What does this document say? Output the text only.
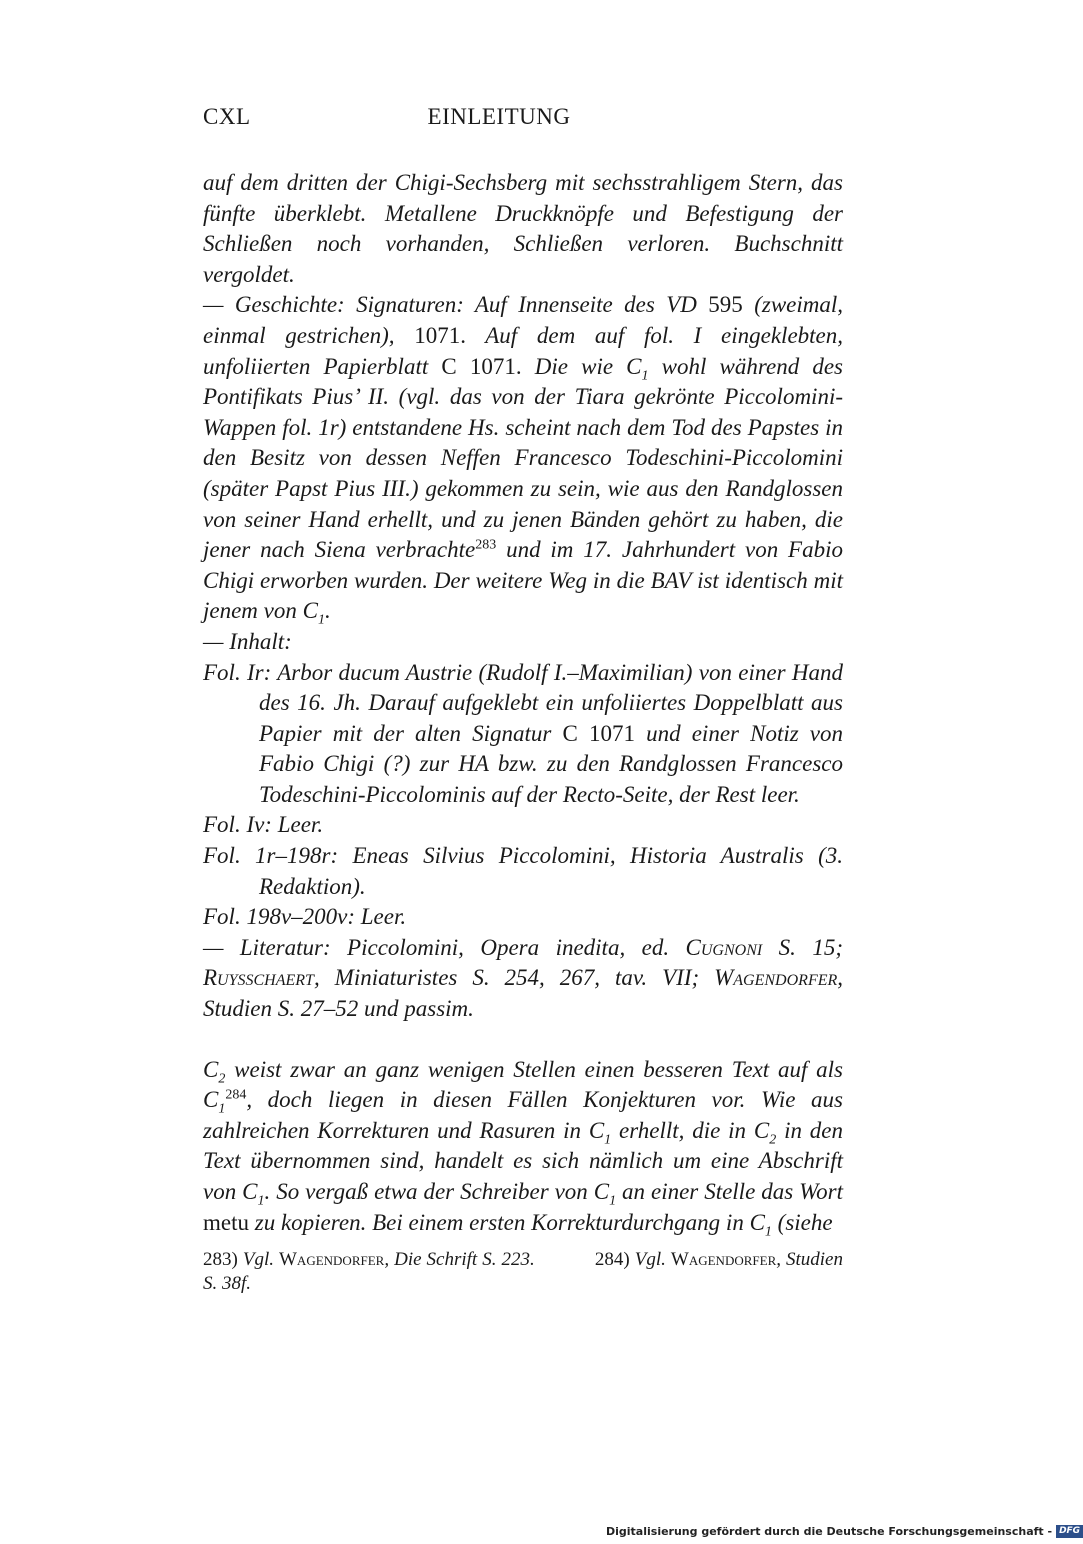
CXL	EINLEITUNG

auf dem dritten der Chigi-Sechsberg mit sechsstrahligem Stern, das fünfte überklebt. Metallene Druckknöpfe und Befestigung der Schließen noch vorhanden, Schließen verloren. Buchschnitt vergoldet.

— Geschichte: Signaturen: Auf Innenseite des VD 595 (zweimal, einmal gestrichen), 1071. Auf dem auf fol. I eingeklebten, unfoliierten Papierblatt C 1071. Die wie $C_1$ wohl während des Pontifikats Pius’ II. (vgl. das von der Tiara gekrönte Piccolomini-Wappen fol. 1r) entstandene Hs. scheint nach dem Tod des Papstes in den Besitz von dessen Neffen Francesco Todeschini-Piccolomini (später Papst Pius III.) gekommen zu sein, wie aus den Randglossen von seiner Hand erhellt, und zu jenen Bänden gehört zu haben, die jener nach Siena verbrachte$^{283}$ und im 17. Jahrhundert von Fabio Chigi erworben wurden. Der weitere Weg in die BAV ist identisch mit jenem von $C_1$.

— Inhalt:

Fol. Ir: Arbor ducum Austrie (Rudolf I.–Maximilian) von einer Hand des 16. Jh. Darauf aufgeklebt ein unfoliiertes Doppelblatt aus Papier mit der alten Signatur C 1071 und einer Notiz von Fabio Chigi (?) zur HA bzw. zu den Randglossen Francesco Todeschini-Piccolominis auf der Recto-Seite, der Rest leer.

Fol. Iv: Leer.

Fol. 1r–198r: Eneas Silvius Piccolomini, Historia Australis (3. Redaktion).

Fol. 198v–200v: Leer.

— Literatur: Piccolomini, Opera inedita, ed. Cugnoni S. 15; Ruysschaert, Miniaturistes S. 254, 267, tav. VII; Wagendorfer, Studien S. 27–52 und passim.

$C_2$ weist zwar an ganz wenigen Stellen einen besseren Text auf als $C_1^{284}$, doch liegen in diesen Fällen Konjekturen vor. Wie aus zahlreichen Korrekturen und Rasuren in $C_1$ erhellt, die in $C_2$ in den Text übernommen sind, handelt es sich nämlich um eine Abschrift von $C_1$. So vergaß etwa der Schreiber von $C_1$ an einer Stelle das Wort metu zu kopieren. Bei einem ersten Korrekturdurchgang in $C_1$ (siehe

283) Vgl. Wagendorfer, Die Schrift S. 223.	284) Vgl. Wagendorfer, Studien S. 38f.
Digitalisierung gefördert durch die Deutsche Forschungsgemeinschaft - DFG
